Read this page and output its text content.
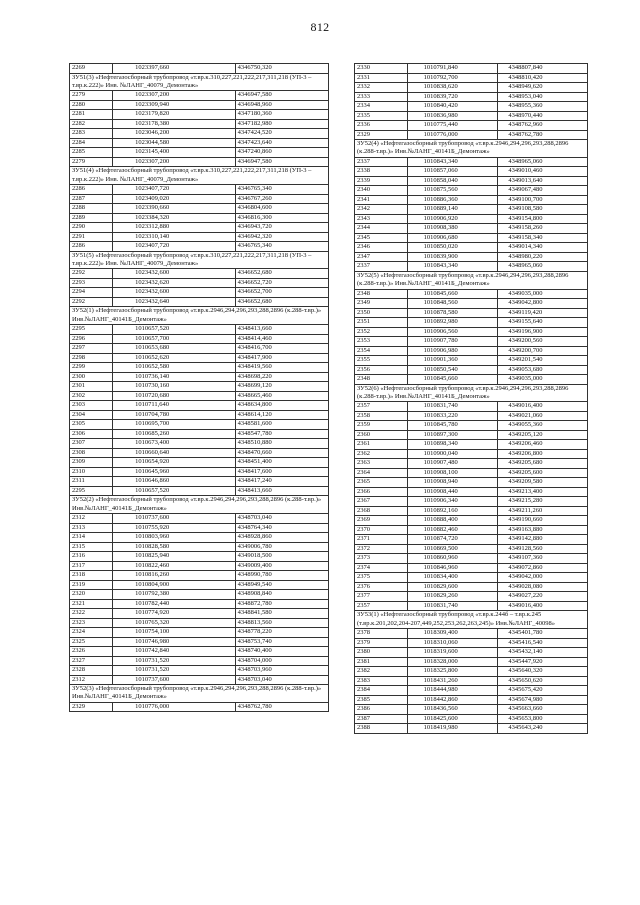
812
2269	1023397,660	4346750,320
ЗУ51(3) «Нефтегазосборный трубопровод «т.вр.к.310,227,221,222,217,311,218 (УП-3 – т.вр.к.222)» Инв. №ЛАНГ_40079_Демонтаж»		
2279	1023307,200	4346947,580
2280	1023309,940	4346948,960
2281	1023179,820	4347180,360
2282	1023178,380	4347182,980
2283	1023046,200	4347424,520
2284	1023044,580	4347423,640
2285	1023145,400	4347240,860
2279	1023307,200	4346947,580
ЗУ51(4) «Нефтегазосборный трубопровод «т.вр.к.310,227,221,222,217,311,218 (УП-3 – т.вр.к.222)» Инв. №ЛАНГ_40079_Демонтаж»		
2286	1023407,720	4346765,340
2287	1023409,020	4346767,260
2288	1023390,660	4346804,600
2289	1023384,320	4346816,300
2290	1023312,880	4346943,720
2291	1023310,140	4346942,320
2286	1023407,720	4346765,340
ЗУ51(5) «Нефтегазосборный трубопровод «т.вр.к.310,227,221,222,217,311,218 (УП-3 – т.вр.к.222)» Инв. №ЛАНГ_40079_Демонтаж»		
2292	1023432,600	4346652,680
2293	1023432,620	4346652,720
2294	1023432,600	4346652,700
2292	1023432,640	4346652,680
ЗУ52(1) «Нефтегазосборный трубопровод «т.вр.к.2946,294,296,293,288,2896 (к.288-т.вр.)» Инв.№ЛАНГ_40141Б_Демонтаж»		
2295	1010657,520	4348413,660
2296	1010657,700	4348414,460
2297	1010653,680	4348416,700
2298	1010652,620	4348417,900
2299	1010652,580	4348419,560
2300	1010736,140	4348698,220
2301	1010730,160	4348699,120
2302	1010720,680	4348665,460
2303	1010711,640	4348634,800
2304	1010704,780	4348614,120
2305	1010695,700	4348581,600
2306	1010685,260	4348547,780
2307	1010673,400	4348510,880
2308	1010660,640	4348470,660
2309	1010654,920	4348451,400
2310	1010645,960	4348417,600
2311	1010646,860	4348417,240
2295	1010657,520	4348413,660
ЗУ52(2) «Нефтегазосборный трубопровод «т.вр.к.2946,294,296,293,288,2896 (к.288-т.вр.)» Инв.№ЛАНГ_40141Б_Демонтаж»		
2312	1010737,600	4348703,040
2313	1010755,920	4348764,340
2314	1010803,960	4348928,860
2315	1010828,580	4349006,780
2316	1010825,940	4349018,500
2317	1010822,460	4349009,400
2318	1010816,260	4348990,780
2319	1010804,900	4348949,540
2320	1010792,380	4348908,840
2321	1010782,440	4348872,780
2322	1010774,920	4348841,580
2323	1010765,320	4348813,560
2324	1010754,100	4348778,220
2325	1010746,980	4348753,740
2326	1010742,840	4348740,400
2327	1010731,520	4348704,000
2328	1010731,520	4348703,960
2312	1010737,600	4348703,040
ЗУ52(3) «Нефтегазосборный трубопровод «т.вр.к.2946,294,296,293,288,2896 (к.288-т.вр.)» Инв.№ЛАНГ_40141Б_Демонтаж»		
2329	1010776,000	4348762,780
2330	1010791,840	4348807,840
2331	1010792,700	4348810,420
2332	1010838,620	4348949,620
2333	1010839,720	4348953,040
2334	1010840,420	4348955,360
2335	1010836,980	4348970,440
2336	1010775,440	4348762,960
2329	1010776,000	4348762,780
ЗУ52(4) «Нефтегазосборный трубопровод «т.вр.к.2946,294,296,293,288,2896 (к.288-т.вр.)» Инв.№ЛАНГ_40141Б_Демонтаж»		
2337	1010843,340	4348965,060
2338	1010857,060	4349010,460
2339	1010858,040	4349013,640
2340	1010875,560	4349067,480
2341	1010886,360	4349100,700
2342	1010889,140	4349108,580
2343	1010906,920	4349154,800
2344	1010908,380	4349158,260
2345	1010906,680	4349158,340
2346	1010850,020	4349014,340
2347	1010839,900	4348980,220
2337	1010843,340	4348965,060
ЗУ52(5) «Нефтегазосборный трубопровод «т.вр.к.2946,294,296,293,288,2896 (к.288-т.вр.)» Инв.№ЛАНГ_40141Б_Демонтаж»		
2348	1010845,660	4349035,000
2349	1010848,560	4349042,800
2350	1010878,580	4349119,420
2351	1010892,980	4349155,640
2352	1010906,560	4349196,900
2353	1010907,780	4349200,560
2354	1010906,980	4349200,700
2355	1010901,360	4349201,540
2356	1010850,540	4349053,680
2348	1010845,660	4349035,000
ЗУ52(6) «Нефтегазосборный трубопровод «т.вр.к.2946,294,296,293,288,2896 (к.288-т.вр.)» Инв.№ЛАНГ_40141Б_Демонтаж»		
2357	1010831,740	4349016,400
2358	1010833,220	4349021,060
2359	1010845,780	4349055,360
2360	1010897,300	4349205,120
2361	1010898,340	4349206,460
2362	1010900,040	4349206,800
2363	1010907,480	4349205,680
2364	1010908,100	4349205,600
2365	1010908,940	4349209,580
2366	1010908,440	4349213,400
2367	1010906,340	4349215,280
2368	1010892,160	4349211,260
2369	1010888,400	4349190,660
2370	1010882,460	4349163,880
2371	1010874,720	4349142,880
2372	1010869,500	4349128,560
2373	1010860,960	4349107,360
2374	1010846,960	4349072,860
2375	1010834,400	4349042,000
2376	1010829,600	4349028,080
2377	1010829,260	4349027,220
2357	1010831,740	4349016,400
ЗУ53(1) «Нефтегазосборный трубопровод «т.вр.к.244б – т.вр.к.245 (т.вр.к.201,202,204-207,449,252,253,262,263,245)» Инв.№ЛАНГ_40098»		
2378	1018309,400	4345401,780
2379	1018310,060	4345416,540
2380	1018319,600	4345432,140
2381	1018328,000	4345447,920
2382	1018325,800	4345640,320
2383	1018431,260	4345650,620
2384	1018444,980	4345675,420
2385	1018442,860	4345674,980
2386	1018436,560	4345663,660
2387	1018425,600	4345653,800
2388	1018419,980	4345643,240
